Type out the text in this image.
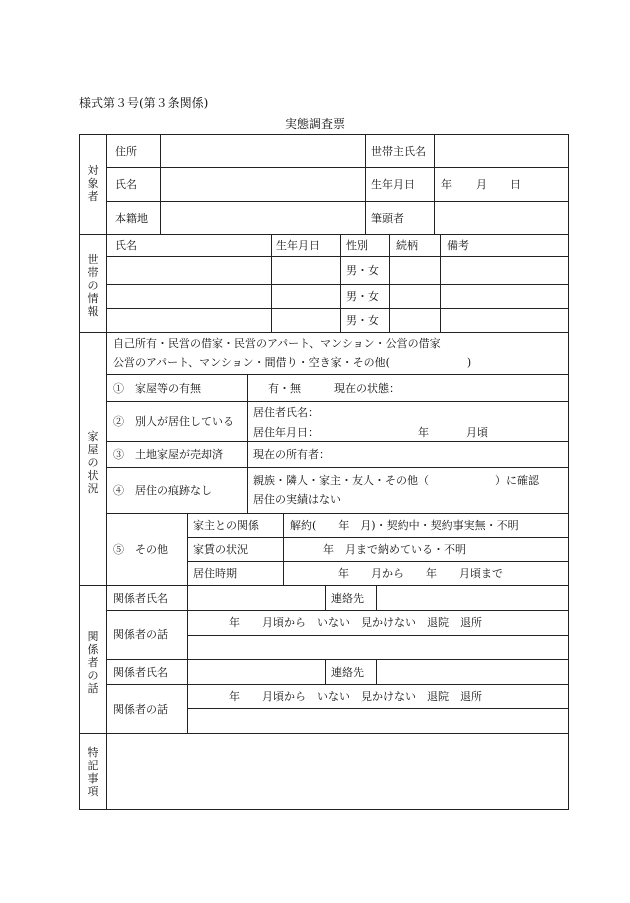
様式第３号(第３条関係)
実態調査票
対象者
住所	世帯主氏名
氏名	生年月日 年 月 日
本籍地	筆頭者
世帯の情報
氏名	生年月日 性別	続柄	備考
男・女
男・女
男・女
家屋の状況
自己所有・民営の借家・民営のアパート、マンション・公営の借家
公営のアパート、マンション・間借り・空き家・その他(　　　　　　　)
①　家屋等の有無	有・無　　　現在の状態：
②　別人が居住している
居住者氏名：
居住年月日：	年	月頃
③　土地家屋が売却済	現在の所有者：
④　居住の痕跡なし
親族・隣人・家主・友人・その他（　　　　　　）に確認
居住の実績はない
⑤　その他
家主との関係	解約(　　年　月)・契約中・契約事実無・不明
家賃の状況	年　月まで納めている・不明
居住時期	年　　月から　　年　　月頃まで
関係者の話
関係者氏名	連絡先
関係者の話
年　　月頃から　いない　見かけない　退院　退所
関係者氏名	連絡先
関係者の話
年　　月頃から　いない　見かけない　退院　退所
特記事項
